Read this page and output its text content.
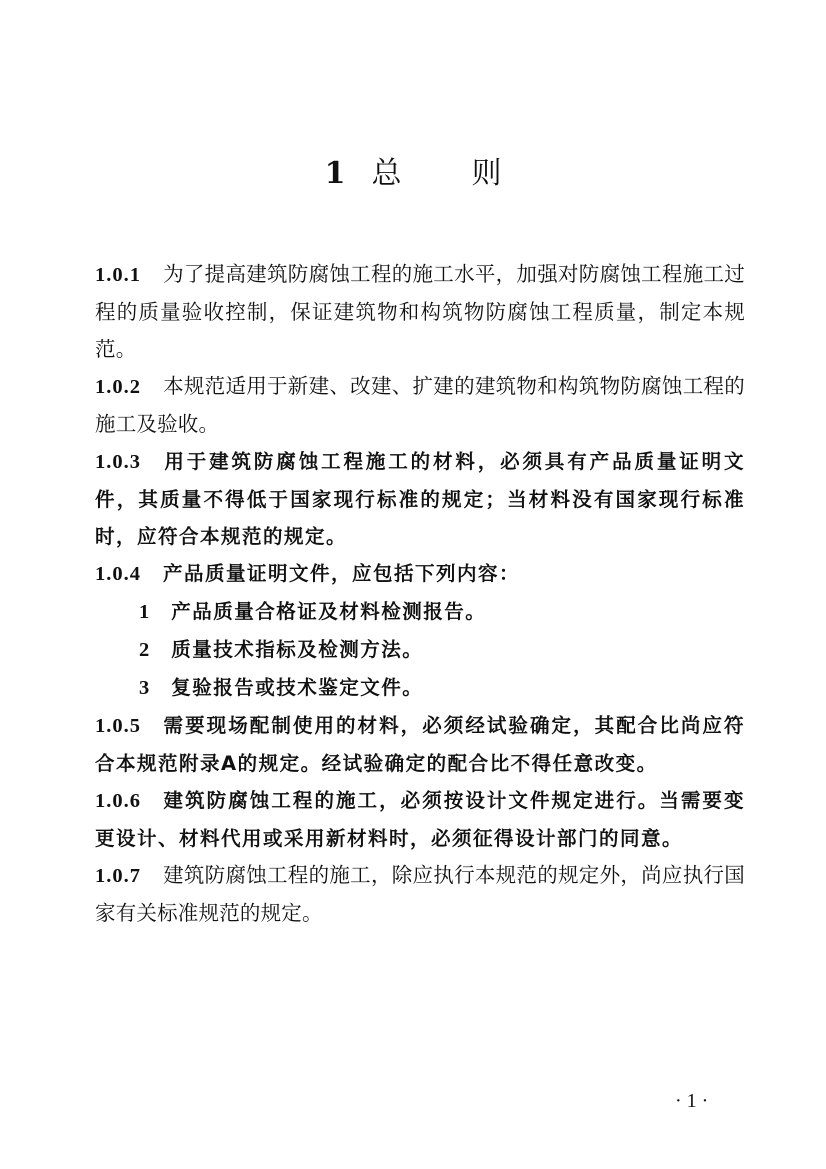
1 总 则

1.0.1 为了提高建筑防腐蚀工程的施工水平，加强对防腐蚀工程施工过程的质量验收控制，保证建筑物和构筑物防腐蚀工程质量，制定本规范。

1.0.2 本规范适用于新建、改建、扩建的建筑物和构筑物防腐蚀工程的施工及验收。

1.0.3 用于建筑防腐蚀工程施工的材料，必须具有产品质量证明文件，其质量不得低于国家现行标准的规定；当材料没有国家现行标准时，应符合本规范的规定。

1.0.4 产品质量证明文件，应包括下列内容：

1 产品质量合格证及材料检测报告。

2 质量技术指标及检测方法。

3 复验报告或技术鉴定文件。

1.0.5 需要现场配制使用的材料，必须经试验确定，其配合比尚应符合本规范附录A的规定。经试验确定的配合比不得任意改变。

1.0.6 建筑防腐蚀工程的施工，必须按设计文件规定进行。当需要变更设计、材料代用或采用新材料时，必须征得设计部门的同意。

1.0.7 建筑防腐蚀工程的施工，除应执行本规范的规定外，尚应执行国家有关标准规范的规定。

· 1 ·
